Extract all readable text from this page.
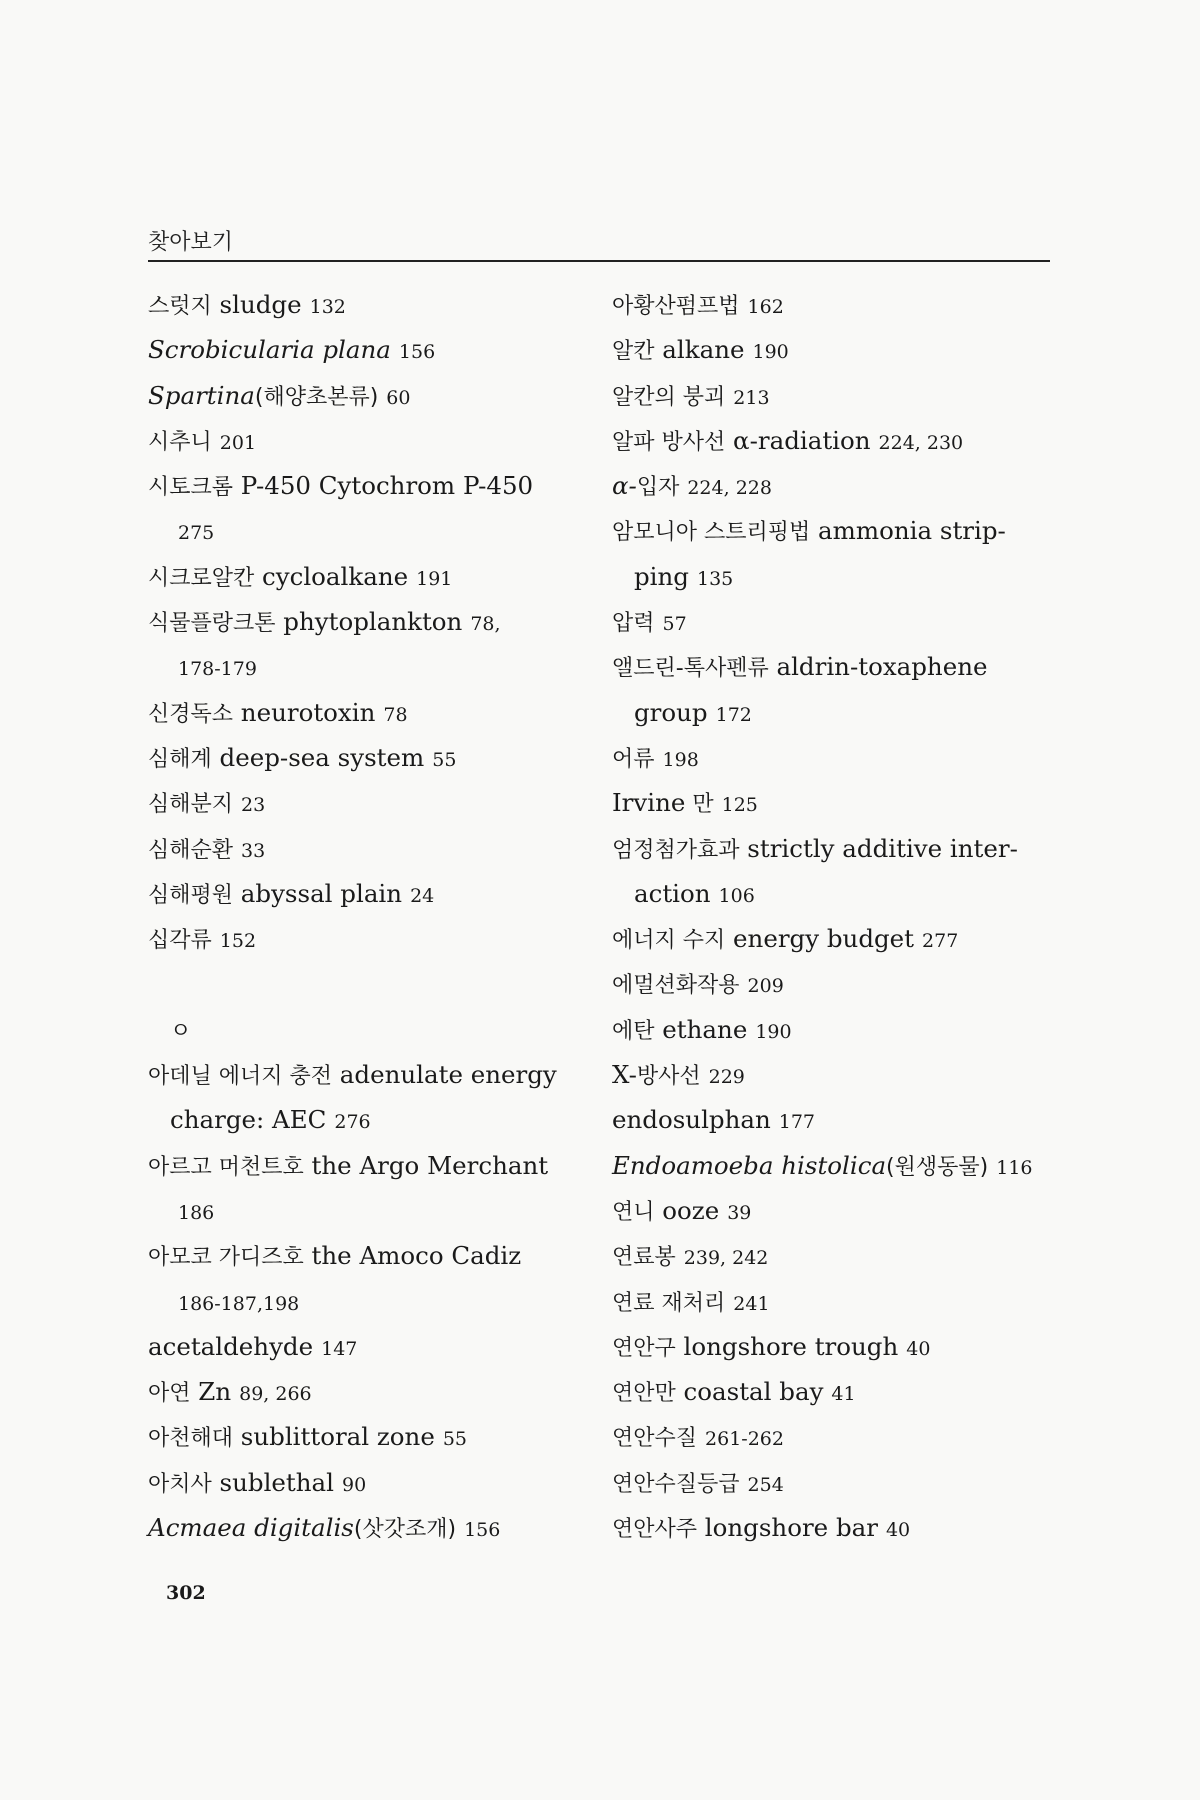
찾아보기
스럿지 sludge 132
Scrobicularia plana 156
Spartina(해양초본류) 60
시추니 201
시토크롬 P-450 Cytochrom P-450
275
시크로알칸 cycloalkane 191
식물플랑크톤 phytoplankton 78,
178-179
신경독소 neurotoxin 78
심해계 deep-sea system 55
심해분지 23
심해순환 33
심해평원 abyssal plain 24
십각류 152
ㅇ
아데닐 에너지 충전 adenulate energy
charge: AEC 276
아르고 머천트호 the Argo Merchant
186
아모코 가디즈호 the Amoco Cadiz
186-187,198
acetaldehyde 147
아연 Zn 89, 266
아천해대 sublittoral zone 55
아치사 sublethal 90
Acmaea digitalis(삿갓조개) 156
아황산펌프법 162
알칸 alkane 190
알칸의 붕괴 213
알파 방사선 α-radiation 224, 230
α-입자 224, 228
암모니아 스트리핑법 ammonia strip-
ping 135
압력 57
앨드린-톡사펜류 aldrin-toxaphene
group 172
어류 198
Irvine 만 125
엄정첨가효과 strictly additive inter-
action 106
에너지 수지 energy budget 277
에멀션화작용 209
에탄 ethane 190
X-방사선 229
endosulphan 177
Endoamoeba histolica(원생동물) 116
연니 ooze 39
연료봉 239, 242
연료 재처리 241
연안구 longshore trough 40
연안만 coastal bay 41
연안수질 261-262
연안수질등급 254
연안사주 longshore bar 40
302
